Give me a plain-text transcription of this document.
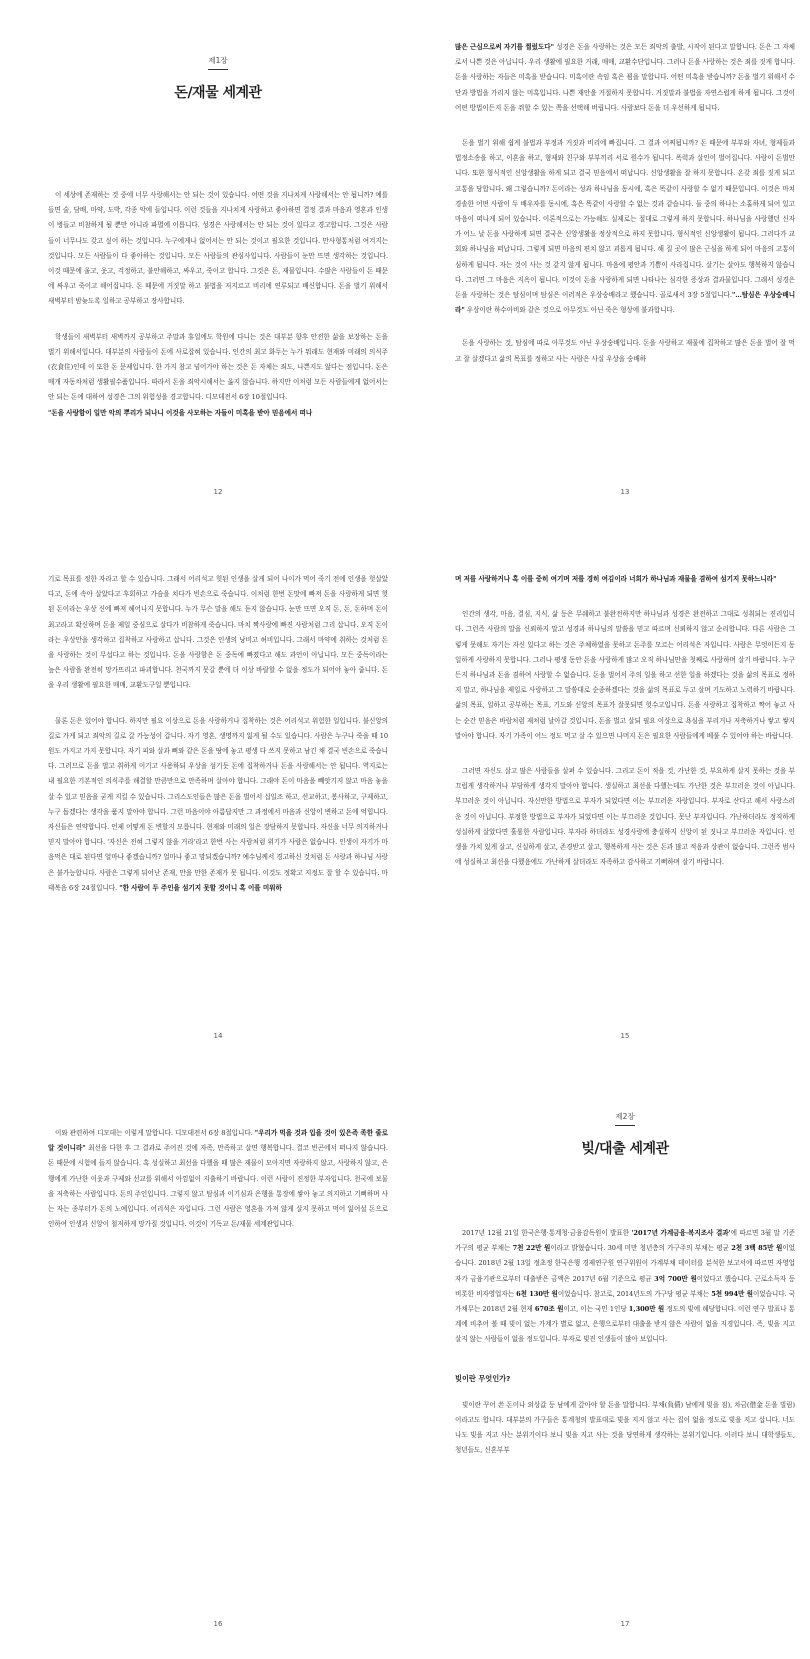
제1장
돈/재물 세계관

이 세상에 존재하는 것 중에 너무 사랑해서는 안 되는 것이 있습니다. 어떤 것을 지나치게 사랑해서는 안 됩니까? 예를 들면 술, 담배, 마약, 도박, 각종 악에 들입니다. 이런 것들을 지나치게 사랑하고 좋아하면 결정 결과 마음과 영혼과 인생이 병들고 비참하게 될 뿐만 아니라 파멸에 이릅니다. 성경은 사랑해서는 안 되는 것이 있다고 경고합니다. 그것은 사람들이 너무나도 갖고 싶어 하는 것입니다. 누구에게나 없어서는 안 되는 것이고 필요한 것입니다. 만사형통처럼 여겨지는 것입니다. 모든 사람들이 다 좋아하는 것입니다. 모든 사람들의 관심사입니다. 사람들이 눈만 뜨면 생각하는 것입니다. 이것 때문에 울고, 웃고, 걱정하고, 불안해하고, 싸우고, 죽이고 합니다. 그것은 돈, 재물입니다. 수많은 사람들이 돈 때문에 싸우고 죽이고 해어집니다. 돈 때문에 거짓말 하고 불법을 저지르고 비리에 연루되고 배신합니다. 돈을 벌기 위해서 새벽부터 밤늦도록 일하고 공부하고 장사합니다.

학생들이 새벽부터 새벽까지 공부하고 주말과 휴일에도 학원에 다니는 것은 대부분 향후 안전한 삶을 보장하는 돈을 벌기 위해서입니다. 대부분의 사람들이 돈에 사로잡혀 있습니다. 인간의 최고 화두는 누가 뭐래도 현재와 미래의 의식주(衣食住)인데 이 또한 돈 문제입니다. 한 가지 참고 넘어가야 하는 것은 돈 자체는 죄도, 나쁜지도 않다는 점입니다. 돈은 매개 자동차처럼 생활필수품입니다. 따라서 돈을 죄악시해서는 옳지 않습니다. 하지만 이처럼 모든 사람들에게 없어서는 안 되는 돈에 대하여 성경은 그의 위험성을 경고합니다. 디모데전서 6장 10절입니다.

"돈을 사랑함이 일만 악의 뿌리가 되나니 이것을 사모하는 자들이 미혹을 받아 믿음에서 떠나

12

많은 근심으로써 자기를 찔렀도다" 성경은 돈을 사랑하는 것은 모든 죄악의 출발, 시작이 된다고 말합니다. 돈은 그 자체로서 나쁜 것은 아닙니다. 우리 생활에 필요한 거래, 매매, 교환수단입니다. 그러나 돈을 사랑하는 것은 죄를 짓게 합니다. 돈을 사랑하는 자들은 미혹을 받습니다. 미혹이란 속임 혹은 꾐을 말합니다. 어떤 미혹을 받습니까? 돈을 벌기 위해서 수단과 방법을 가리지 않는 미혹입니다. 나쁜 재안을 거절하지 못합니다. 거짓말과 불법을 자연스럽게 하게 됩니다. 그것이 어떤 방법이든지 돈을 쥐할 수 있는 쪽을 선택해 버립니다. 사람보다 돈을 더 우선하게 됩니다.

돈을 벌기 위해 쉽게 불법과 부정과 거짓과 비리에 빠집니다. 그 결과 어찌됩니까? 돈 때문에 부부와 자녀, 형제들과 법정소송을 하고, 이혼을 하고, 형제와 친구와 부부끼리 서로 원수가 됩니다. 폭력과 살인이 벌어집니다. 사람이 돈벌만니다. 또한 형식적인 신앙생활을 하게 되고 결국 믿음에서 떠납니다. 신앙생활을 잘 하지 못합니다. 온갖 죄를 짓게 되고 고통을 당합니다. 왜 그렇습니까? 돈이라는 성과 하나님을 동시에, 혹은 똑같이 사랑할 수 없기 때문입니다. 이것은 마치 경솔한 어떤 사람이 두 배우자를 동시에, 혹은 똑같이 사랑할 수 없는 것과 같습니다. 둘 중의 하나는 소홀하게 되어 있고 마음이 떠나게 되어 있습니다. 이론적으로는 가능해도 실제로는 절대로 그렇게 하지 못합니다. 하나님을 사랑했던 신자가 어느 날 돈을 사랑하게 되면 결국은 신앙생활을 정상적으로 하지 못합니다. 형식적인 신앙생활이 됩니다. 그러다가 교회와 하나님을 떠납니다. 그렇게 되면 마음의 편치 않고 괴롭게 됩니다. 해 질 곳이 많은 근심을 하게 되어 마음의 고통이 심하게 됩니다. 자는 것이 사는 것 같지 않게 됩니다. 마음에 평안과 기쁨이 사라집니다. 살기는 살아도 행복하지 않습니다. 그러면 그 마음은 지옥이 됩니다. 이것이 돈을 사랑하게 되면 나타나는 심각한 증상과 결과물입니다. 그래서 성경은 돈을 사랑하는 것은 탐심이며 탐심은 이러적은 우상숭배라고 했습니다. 골로새서 3장 5절입니다."…탐심은 우상숭배니라" 우상이란 하수아비와 같은 것으로 아무것도 아닌 죽은 형상에 불과합니다.

돈을 사랑하는 것, 탐심에 따로 아무것도 아닌 우상숭배입니다. 돈을 사랑하고 재물에 집착하고 많은 돈을 벌어 잘 먹고 잘 살겠다고 삶의 목표를 정하고 사는 사람은 사실 우상을 숭배하

13

기로 목표를 정한 자라고 할 수 있습니다. 그래서 어리석고 헛된 인생을 살게 되어 나이가 먹어 죽기 전에 인생을 헛살았다고, 돈에 속아 살았다고 후회하고 가슴을 치다가 빈손으로 죽습니다. 이처럼 한번 돈맛에 빠져 돈을 사랑하게 되면 헛된 돈이라는 우상 신에 빠져 헤어나지 못합니다. 누가 무슨 말을 해도 듣지 않습니다. 눈만 뜨면 오직 돈, 돈, 돈하며 돈이 최고라고 확신하며 돈을 제일 중심으로 살다가 비참하게 죽습니다. 마치 짝사랑에 빠진 사람처럼 그리 삽니다. 오직 돈이라는 우상만을 생각하고 집착하고 사랑하고 삽니다. 그것은 인생의 낭비고 허비입니다. 그래서 마약에 취하는 것처럼 돈을 사랑하는 것이 무섭다고 하는 것입니다. 돈을 사랑함은 돈 중독에 빠졌다고 해도 과언이 아닙니다. 모든 중독이라는 늪은 사람을 완전히 망가뜨리고 파괴합니다. 천국까지 못갈 뿐에 더 이상 바랄할 수 없을 정도가 되어야 놓아 줍니다. 돈을 우리 생활에 필요한 매매, 교환도구일 뿐입니다.

물론 돈은 있어야 합니다. 하지만 필요 이상으로 돈을 사랑하거나 집착하는 것은 어리석고 위험한 일입니다. 불신앙의 길로 가게 되고 죄악의 길로 갈 가능성이 갑니다. 자기 영혼, 생명까지 잃게 될 수도 있습니다. 사람은 누구나 죽을 때 10원도 가지고 가지 못합니다. 자기 피와 살과 뼈와 같은 돈을 땅에 놓고 평생 다 쓰지 못하고 남긴 채 결국 빈손으로 죽습니다. 그러므로 돈을 벌고 취하게 이기고 사용하되 우상을 섬기듯 돈에 집착하거나 돈을 사랑해서는 안 됩니다. 역지로는 내 필요한 기본적인 의식주를 해결할 만큼만으로 만족하며 살아야 합니다. 그래야 돈이 마음을 빼앗기지 않고 마음 놓을 살 수 있고 믿음을 굳게 지킬 수 있습니다. 그리스도인들은 많은 돈을 벌어서 십일조 하고, 선교하고, 봉사하고, 구제하고, 누구 돕겠다는 생각을 품지 말아야 합니다. 그런 마음이야 아름답지만 그 과정에서 마음과 신앙이 변하고 돈에 억힙니다. 자신들은 연약합니다. 언제 어떻게 돈 변할지 모릅니다. 현재와 미래의 일은 장담하지 못합니다. 자신을 너무 의지하거나 믿지 말아야 합니다. '자신은 전혀 그렇지 않을 거라'라고 한번 사는 사람처럼 위기가 사람은 없습니다. 인생이 자기가 마음먹은 대로 된다면 얼마나 좋겠습니까? 얼마나 좋고 맘되겠습니까? 예수님께서 경고하신 것처럼 돈 사랑과 하나님 사랑은 불가능합니다. 사람은 그렇게 뒤어난 존재, 만을 만한 존재가 못 됩니다. 이것도 정확고 지정도 잘 할 수 있습니다. 마태복음 6장 24절입니다. "한 사람이 두 주인을 섬기지 못할 것이니 혹 이를 미워하

14

며 저를 사랑하거나 혹 이를 중히 여기며 저를 경히 여김이라 너희가 하나님과 재물을 겸하여 섬기지 못하느니라"

인간의 생각, 마음, 결심, 지식, 삶 등은 무쉐하고 불완전하지만 하나님과 성경은 완전하고 그대로 성취되는 진리입니다. 그런즉 사람의 말을 신뢰하지 말고 성경과 하나님의 말씀을 믿고 따르며 신뢰하지 않고 순리합니다. 다른 사람은 그렇게 못해도 자기는 자신 있다고 하는 것은 주체하였을 못하고 돈주를 모르는 어리석은 자입니다. 사람은 무엇이든지 동일하게 사랑하지 못합니다. 그러나 평생 동안 돈을 사랑하게 많고 오직 하나님만을 첫째로 사랑하며 살기 바랍니다. 누구든지 하나님과 돈을 겸하여 사랑할 수 없습니다. 돈을 벌어서 주의 일을 하고 선한 일을 하겠다는 것을 삶의 목표로 정하지 말고, 하나님을 제일로 사랑하고 그 말씀대로 순종하겠다는 것을 삶의 목표로 두고 살며 기도하고 노력하기 바랍니다. 삶의 목표, 일하고 공부하는 목표, 기도와 신앙의 목표가 잘못되면 헛수고입니다. 돈을 사랑하고 집착하고 짝어 놓고 사는 순간 믿음은 바람처럼 재처럼 날아갈 것입니다. 돈을 벌고 살되 필요 이상으로 욕심을 부리거나 저축하거나 쌓고 쌓지 말아야 합니다. 자기 가족이 어느 정도 먹고 살 수 있으면 나머지 돈은 필요한 사람들에게 베풀 수 있어야 하는 바랍니다.

그러면 자신도 살고 많은 사람들을 살펴 수 있습니다. 그리고 돈이 적을 것, 가난한 것, 부요하게 살지 못하는 것을 부끄럽게 생각하거나 부담하게 생각지 말아야 합니다. 생실하고 최선을 다했는데도 가난한 것은 부끄러운 것이 아닙니다. 부끄러운 것이 아닙니다. 자신만한 방법으로 부자가 되었다면 이는 부끄러운 자랑입니다. 부자로 산다고 해서 사랑스러운 것이 아닙니다. 부정한 방법으로 부자가 되었다면 이는 부끄러운 것입니다. 못난 부자입니다. 가난하더라도 정직하게 성실하게 살았다면 훌륭한 사람입니다. 부자라 하더라도 성경사랑에 충실하지 신앙이 된 짓나고 부끄러운 자입니다. 인생을 가치 있게 살고, 신실하게 살고, 존경받고 살고, 행복하게 사는 것은 돈과 많고 적음과 상관이 없습니다. 그런즉 범사에 성실하고 최선을 다했음에도 가난하게 살더라도 자족하고 감사하고 기뻐하며 살기 바랍니다.

15

이와 관련하여 디모데는 이렇게 말합니다. 디모데전서 6장 8절입니다. "우리가 먹을 것과 입을 것이 있은즉 족한 줄로 알 것이니라" 최선을 다한 후 그 결과로 주어진 것에 자족, 만족하고 살면 행복합니다. 결코 빈곤에서 떠나지 않습니다. 돈 때문에 시험에 들지 않습니다. 혹 성실하고 최선을 다했을 때 많은 재물이 모아지면 자랑하지 않고, 사랑하지 않고, 은행에게 가난한 이웃과 구제와 선교를 위해서 아낌없이 지출하기 바랍니다. 이런 사람이 진정한 부자입니다. 천국에 보물을 저축하는 사람입니다. 돈의 주인입니다. 그렇지 않고 탐심과 이기심과 은행을 통장에 쌓아 놓고 의지하고 기뻐하며 사는 자는 종부터가 돈의 노예입니다. 어리석은 자입니다. 그런 사람은 영혼을 가져 않게 살지 못하고 먹어 잃어설 돈으로 인하여 인생과 신앙이 철저하게 망가질 것입니다. 이것이 기독교 돈/재물 세계관입니다.

16
제2장
빚/대출 세계관

2017년 12월 21일 한국은행·통계청·금융감독원이 발표한 '2017년 가계금융·복지조사 결과'에 따르면 3월 말 기준 가구의 평균 부채는 7천 22만 원이라고 밝혔습니다. 30세 미만 청년층의 가구주의 부채는 평균 2천 3백 85만 원이었습니다. 2018년 2월 13일 정초정 한국은행 경제연구원 연구위원이 가계부채 데이터를 분석한 보고서에 따르면 자영업자가 금융기관으로부터 대출받은 금액은 2017년 6월 기준으로 평균 3억 700만 원이었다고 했습니다. 근로소득자 등 비롯한 비자영업자는 6천 130만 원이었습니다. 참고로, 2014년도의 가구당 평균 부채는 5천 994만 원이었습니다. 국가채무는 2018년 2월 현재 670조 원이고, 이는 국민 1인당 1,300만 원 정도의 빚에 해당합니다. 이런 연구 발표나 통계에 비추어 볼 때 빚이 없는 가계가 별로 없고, 은행으로부터 대출을 받지 않은 사람이 없을 지경입니다. 즉, 빚을 지고 살지 않는 사람들이 없을 정도입니다. 부자로 빚진 인생들이 많아 보입니다.

빚이란 무엇인가?

빚이란 꾸어 쓴 돈이나 외상값 등 남에게 갚아야 할 돈을 말합니다. 부채(負債) 남에게 빚을 짐), 차금(借金 돈을 빌림)이라고도 합니다. 대부분의 가구들은 통계청의 발표대로 빚을 지지 않고 사는 집이 없을 정도로 빚을 지고 삽니다. 너도나도 빚을 지고 사는 분위기이다 보니 빚을 지고 사는 것을 당연하게 생각하는 분위기입니다. 이러다 보니 대학생들도, 청년들도, 신혼부부

17
